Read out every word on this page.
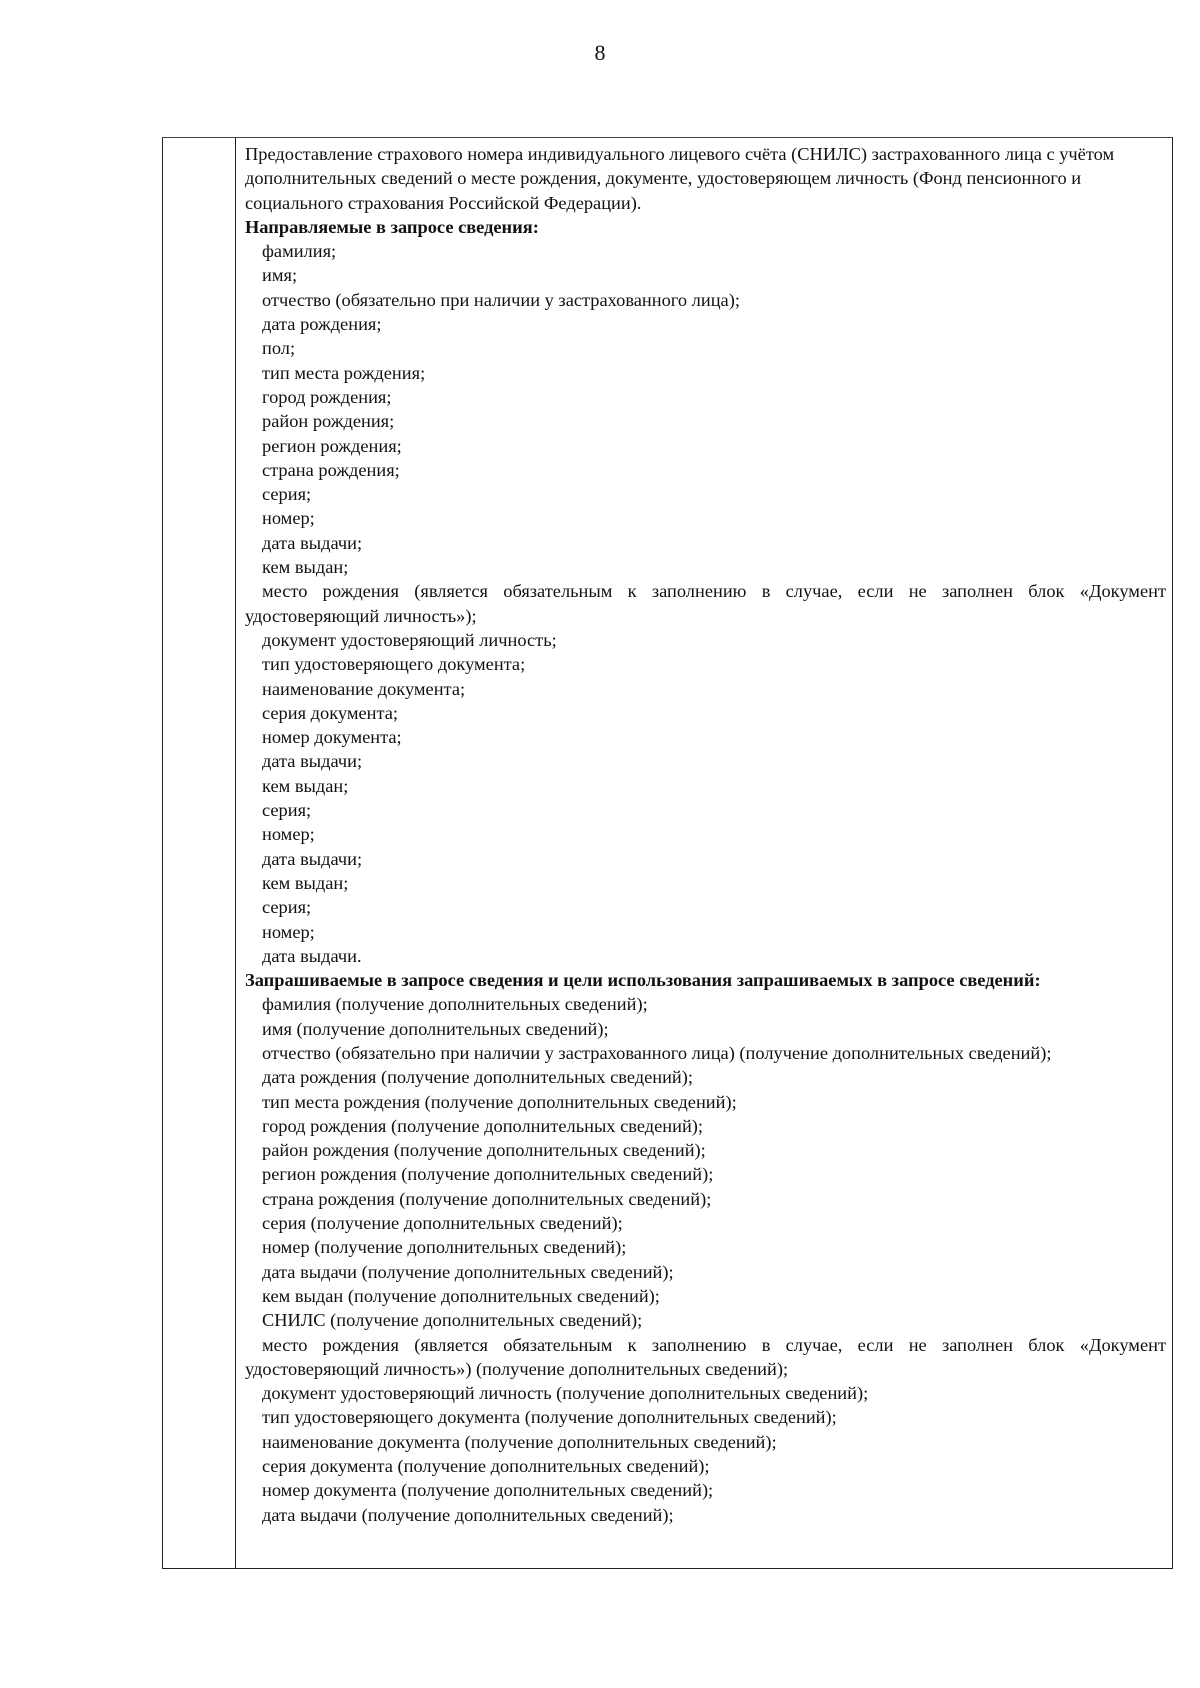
8

Предоставление страхового номера индивидуального лицевого счёта (СНИЛС) застрахованного лица с учётом дополнительных сведений о месте рождения, документе, удостоверяющем личность (Фонд пенсионного и социального страхования Российской Федерации).

Направляемые в запросе сведения:

фамилия;

имя;

отчество (обязательно при наличии у застрахованного лица);

дата рождения;

пол;

тип места рождения;

город рождения;

район рождения;

регион рождения;

страна рождения;

серия;

номер;

дата выдачи;

кем выдан;

место рождения (является обязательным к заполнению в случае, если не заполнен блок «Документ удостоверяющий личность»);

документ удостоверяющий личность;

тип удостоверяющего документа;

наименование документа;

серия документа;

номер документа;

дата выдачи;

кем выдан;

серия;

номер;

дата выдачи;

кем выдан;

серия;

номер;

дата выдачи.

Запрашиваемые в запросе сведения и цели использования запрашиваемых в запросе сведений:

фамилия (получение дополнительных сведений);

имя (получение дополнительных сведений);

отчество (обязательно при наличии у застрахованного лица) (получение дополнительных сведений);

дата рождения (получение дополнительных сведений);

тип места рождения (получение дополнительных сведений);

город рождения (получение дополнительных сведений);

район рождения (получение дополнительных сведений);

регион рождения (получение дополнительных сведений);

страна рождения (получение дополнительных сведений);

серия (получение дополнительных сведений);

номер (получение дополнительных сведений);

дата выдачи (получение дополнительных сведений);

кем выдан (получение дополнительных сведений);

СНИЛС (получение дополнительных сведений);

место рождения (является обязательным к заполнению в случае, если не заполнен блок «Документ удостоверяющий личность») (получение дополнительных сведений);

документ удостоверяющий личность (получение дополнительных сведений);

тип удостоверяющего документа (получение дополнительных сведений);

наименование документа (получение дополнительных сведений);

серия документа (получение дополнительных сведений);

номер документа (получение дополнительных сведений);

дата выдачи (получение дополнительных сведений);
